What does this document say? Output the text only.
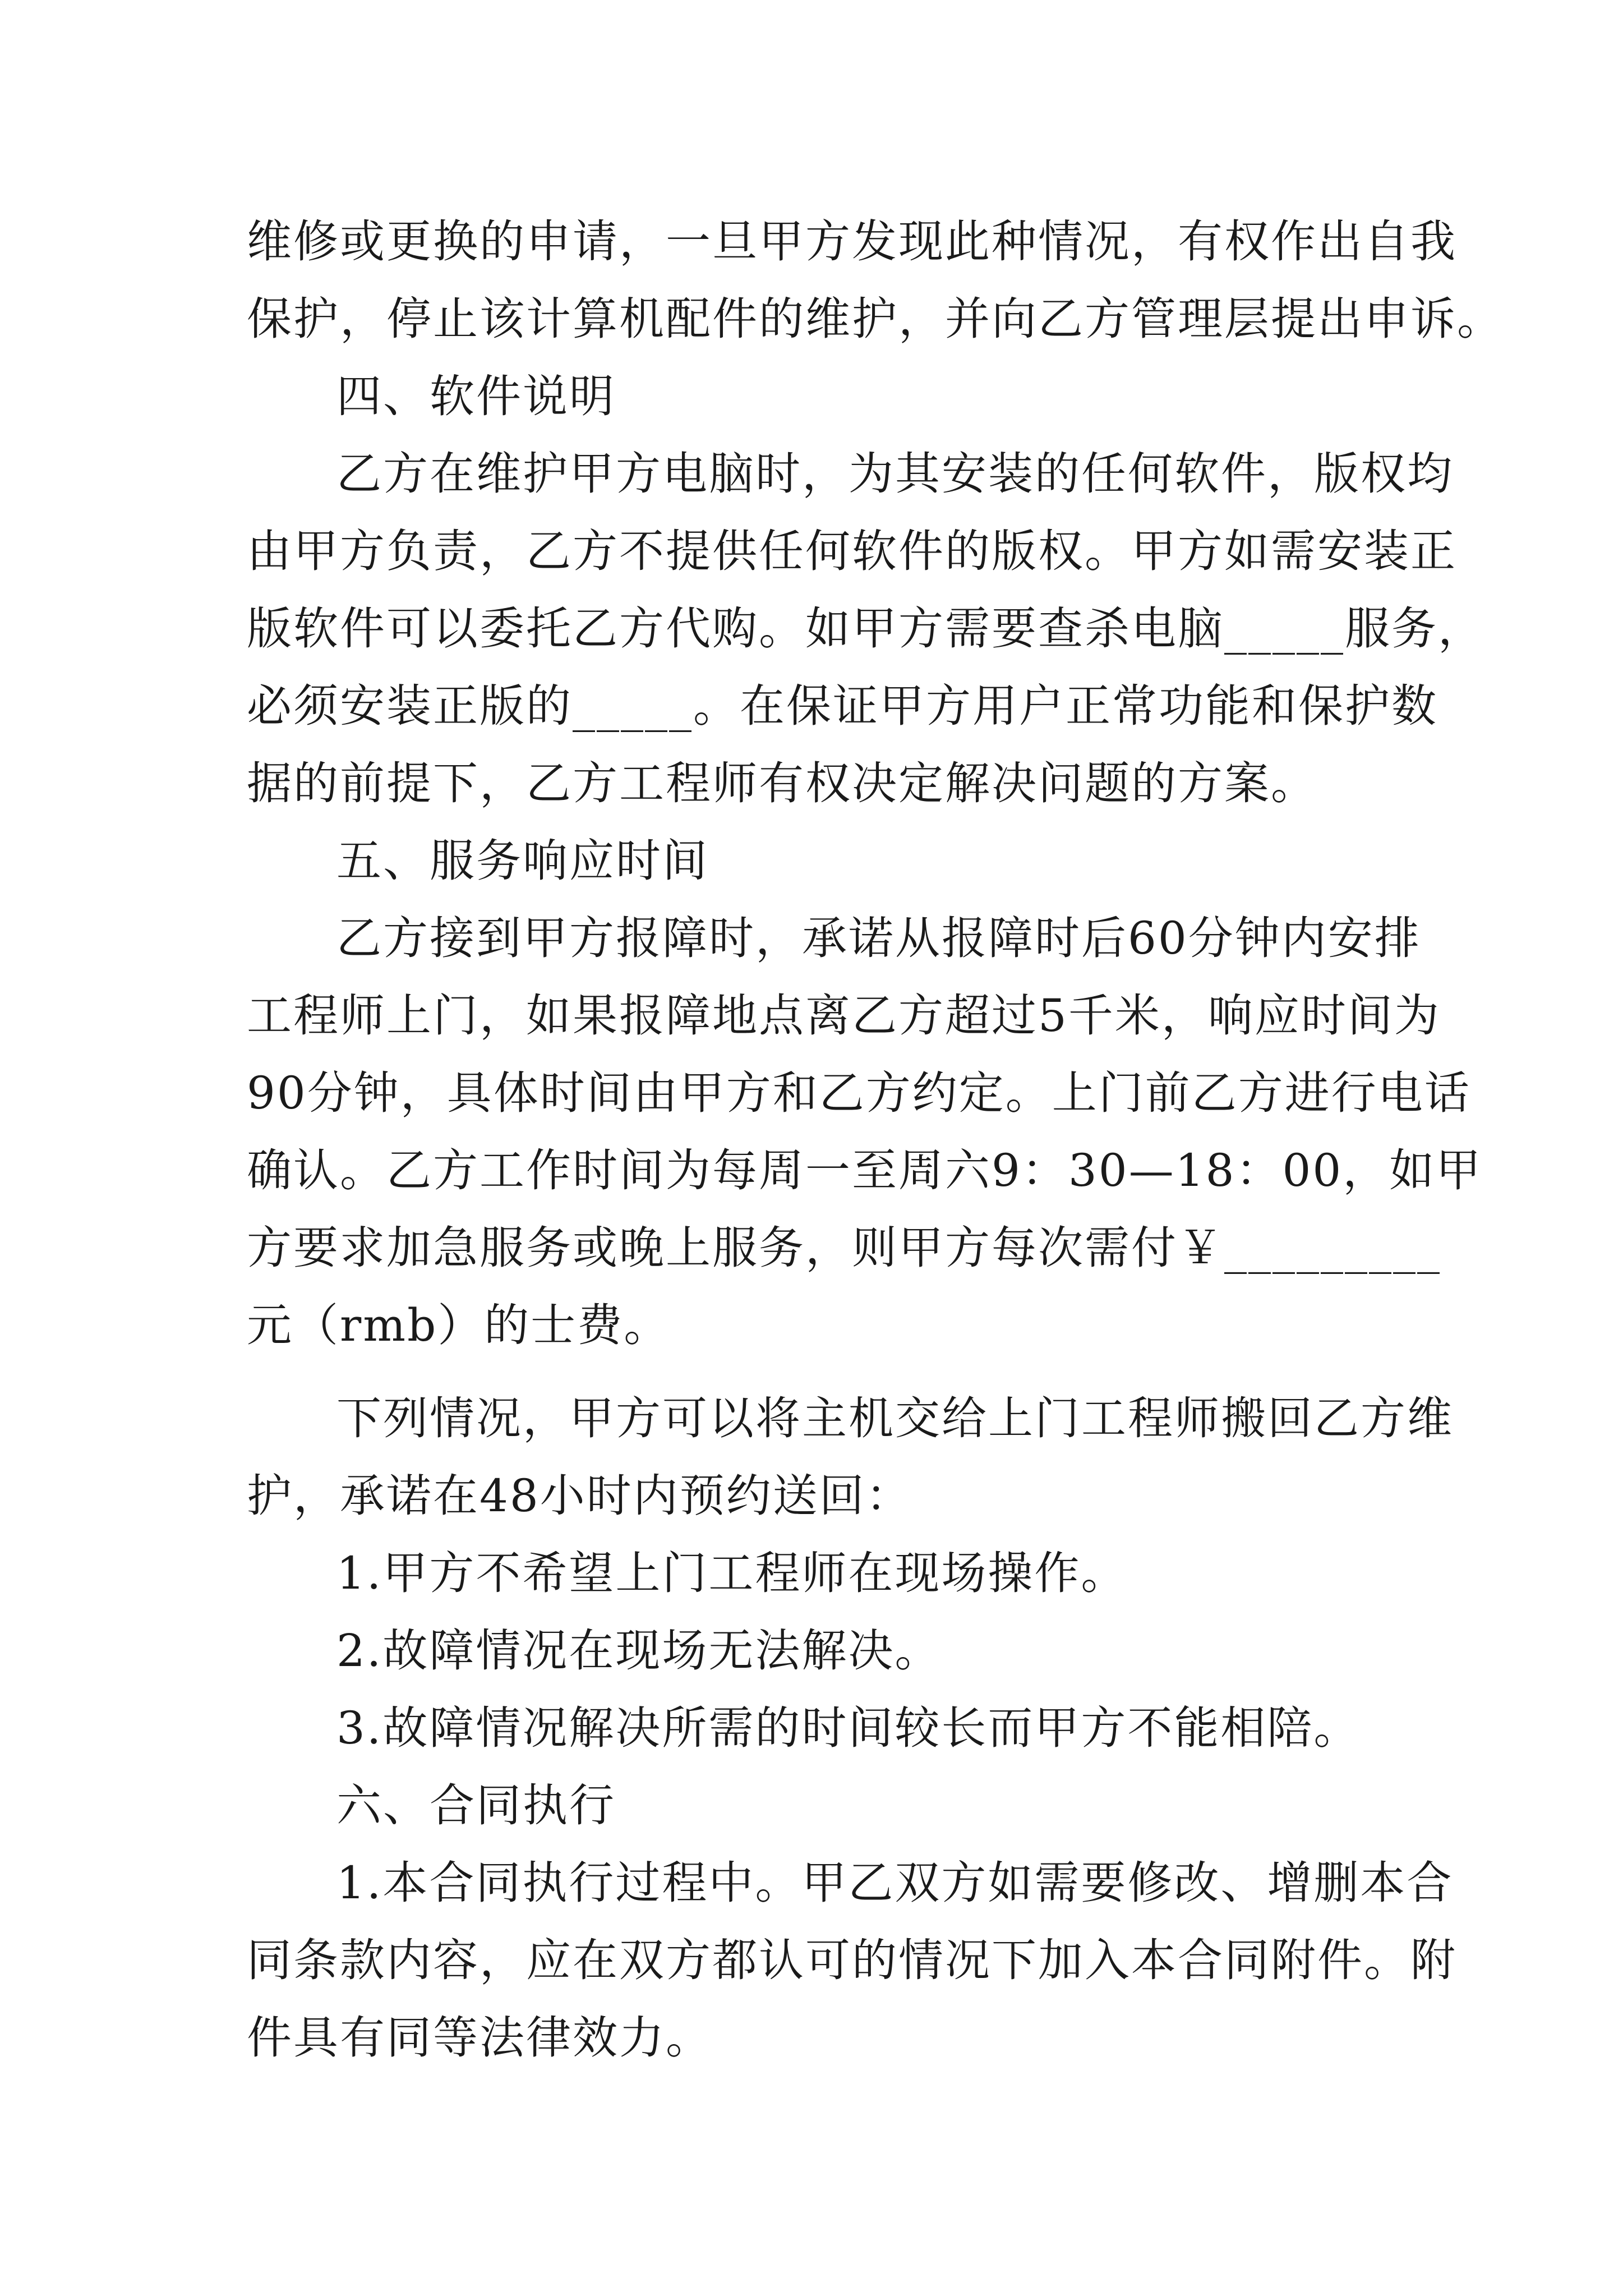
维修或更换的申请，一旦甲方发现此种情况，有权作出自我
保护，停止该计算机配件的维护，并向乙方管理层提出申诉。
四、软件说明
乙方在维护甲方电脑时，为其安装的任何软件，版权均
由甲方负责，乙方不提供任何软件的版权。甲方如需安装正
版软件可以委托乙方代购。如甲方需要查杀电脑_____服务，
必须安装正版的_____。在保证甲方用户正常功能和保护数
据的前提下，乙方工程师有权决定解决问题的方案。
五、服务响应时间
乙方接到甲方报障时，承诺从报障时后60分钟内安排
工程师上门，如果报障地点离乙方超过5千米，响应时间为
90分钟，具体时间由甲方和乙方约定。上门前乙方进行电话
确认。乙方工作时间为每周一至周六9：30—18：00，如甲
方要求加急服务或晚上服务，则甲方每次需付￥_________
元（rmb）的士费。
下列情况，甲方可以将主机交给上门工程师搬回乙方维
护，承诺在48小时内预约送回：
1.甲方不希望上门工程师在现场操作。
2.故障情况在现场无法解决。
3.故障情况解决所需的时间较长而甲方不能相陪。
六、合同执行
1.本合同执行过程中。甲乙双方如需要修改、增删本合
同条款内容，应在双方都认可的情况下加入本合同附件。附
件具有同等法律效力。
